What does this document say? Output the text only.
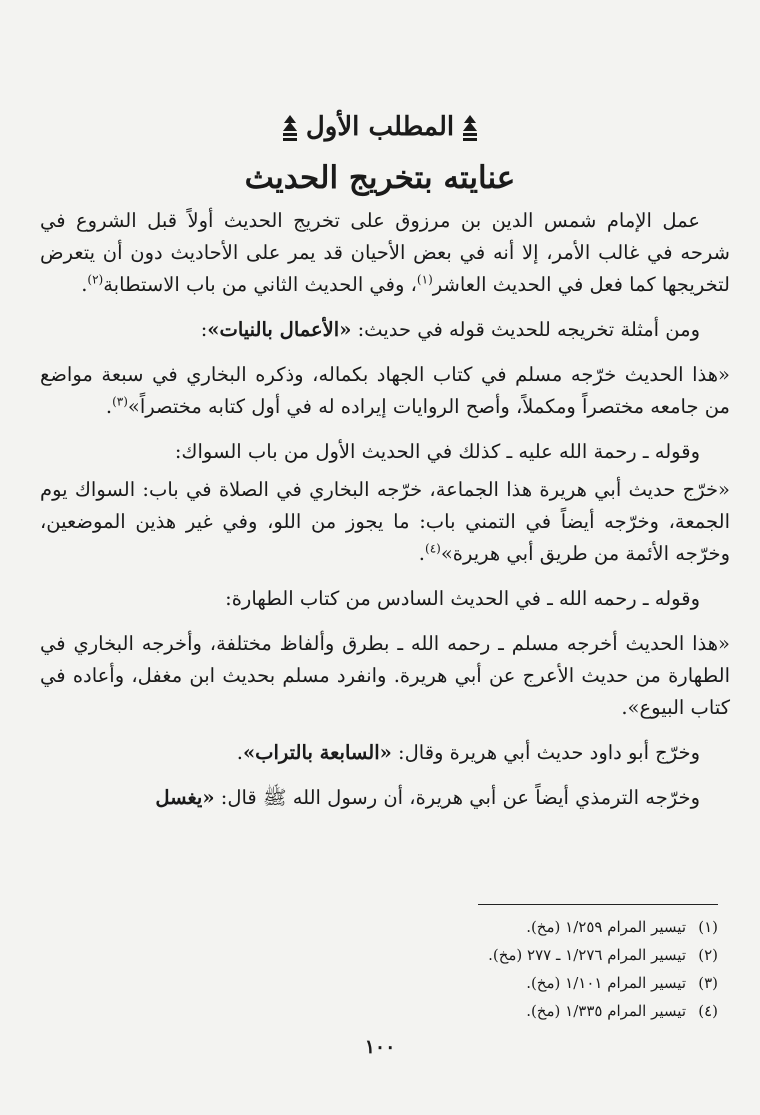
المطلب الأول
عنايته بتخريج الحديث

عمل الإمام شمس الدين بن مرزوق على تخريج الحديث أولاً قبل الشروع في شرحه في غالب الأمر، إلا أنه في بعض الأحيان قد يمر على الأحاديث دون أن يتعرض لتخريجها كما فعل في الحديث العاشر$^{(١)}$، وفي الحديث الثاني من باب الاستطابة$^{(٢)}$.

ومن أمثلة تخريجه للحديث قوله في حديث: «الأعمال بالنيات»:

«هذا الحديث خرّجه مسلم في كتاب الجهاد بكماله، وذكره البخاري في سبعة مواضع من جامعه مختصراً ومكملاً، وأصح الروايات إيراده له في أول كتابه مختصراً»$^{(٣)}$.

وقوله ـ رحمة الله عليه ـ كذلك في الحديث الأول من باب السواك:

«خرّج حديث أبي هريرة هذا الجماعة، خرّجه البخاري في الصلاة في باب: السواك يوم الجمعة، وخرّجه أيضاً في التمني باب: ما يجوز من اللو، وفي غير هذين الموضعين، وخرّجه الأئمة من طريق أبي هريرة»$^{(٤)}$.

وقوله ـ رحمه الله ـ في الحديث السادس من كتاب الطهارة:

«هذا الحديث أخرجه مسلم ـ رحمه الله ـ بطرق وألفاظ مختلفة، وأخرجه البخاري في الطهارة من حديث الأعرج عن أبي هريرة. وانفرد مسلم بحديث ابن مغفل، وأعاده في كتاب البيوع».

وخرّج أبو داود حديث أبي هريرة وقال: «السابعة بالتراب».

وخرّجه الترمذي أيضاً عن أبي هريرة، أن رسول الله ﷺ قال: «يغسل

(١)تيسير المرام ١/٢٥٩ (مخ).
(٢)تيسير المرام ١/٢٧٦ ـ ٢٧٧ (مخ).
(٣)تيسير المرام ١/١٠١ (مخ).
(٤)تيسير المرام ١/٣٣٥ (مخ).
١٠٠
